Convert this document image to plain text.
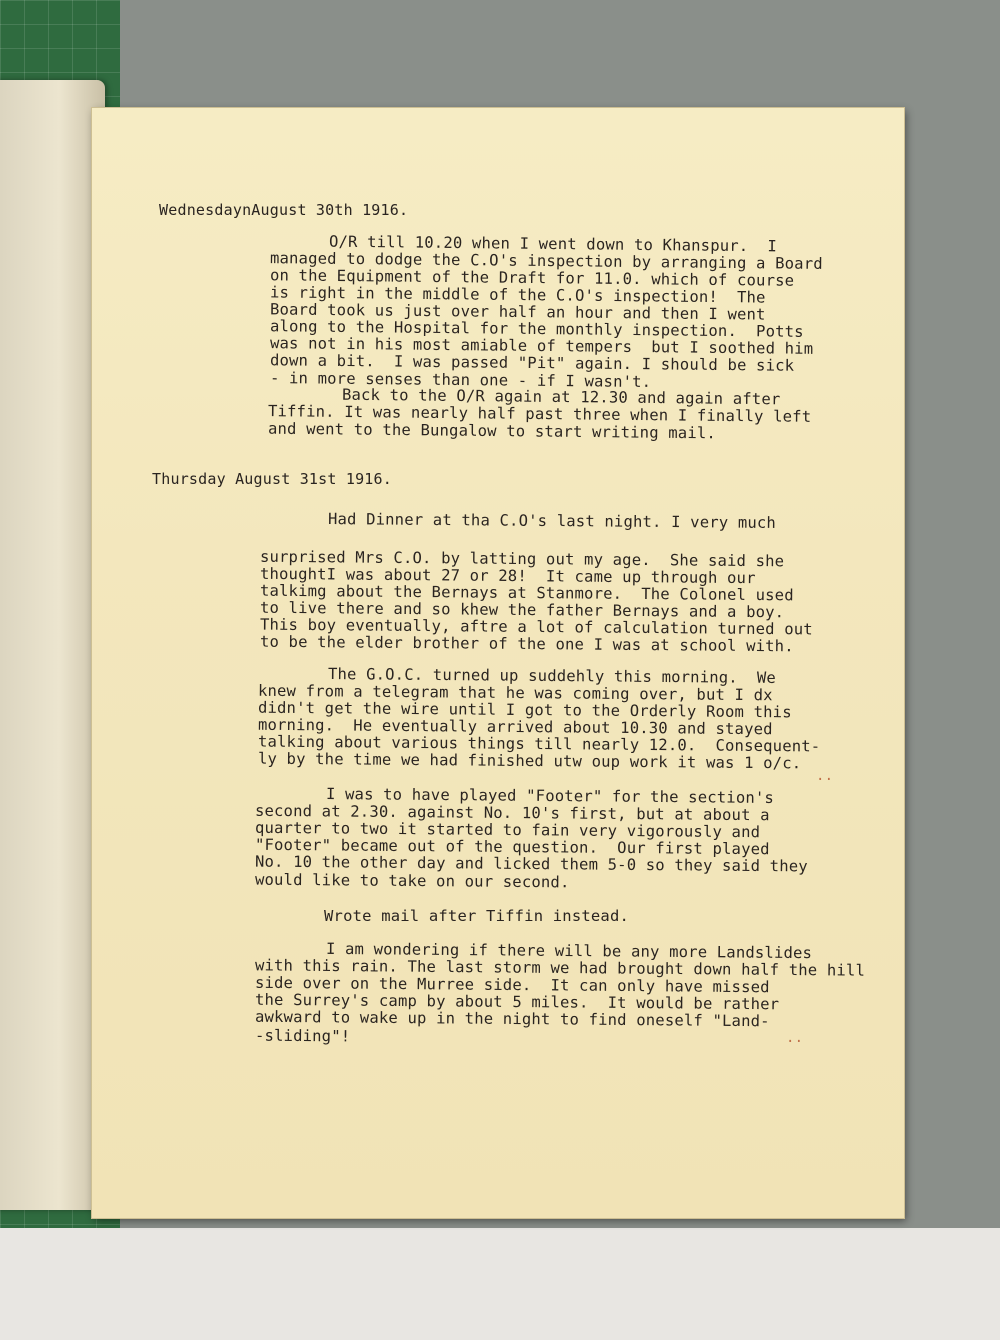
WednesdaynAugust 30th 1916.
O/R till 10.20 when I went down to Khanspur.  I
managed to dodge the C.O's inspection by arranging a Board
on the Equipment of the Draft for 11.0. which of course
is right in the middle of the C.O's inspection!  The
Board took us just over half an hour and then I went
along to the Hospital for the monthly inspection.  Potts
was not in his most amiable of tempers  but I soothed him
down a bit.  I was passed "Pit" again. I should be sick
- in more senses than one - if I wasn't.
Back to the O/R again at 12.30 and again after
Tiffin. It was nearly half past three when I finally left
and went to the Bungalow to start writing mail.
Thursday August 31st 1916.
Had Dinner at tha C.O's last night. I very much
surprised Mrs C.O. by latting out my age.  She said she
thoughtI was about 27 or 28!  It came up through our
talkimg about the Bernays at Stanmore.  The Colonel used
to live there and so khew the father Bernays and a boy.
This boy eventually, aftre a lot of calculation turned out
to be the elder brother of the one I was at school with.
The G.O.C. turned up suddehly this morning.  We
knew from a telegram that he was coming over, but I dx
didn't get the wire until I got to the Orderly Room this
morning.  He eventually arrived about 10.30 and stayed
talking about various things till nearly 12.0.  Consequent-
ly by the time we had finished utw oup work it was 1 o/c.
I was to have played "Footer" for the section's
second at 2.30. against No. 10's first, but at about a
quarter to two it started to fain very vigorously and
"Footer" became out of the question.  Our first played
No. 10 the other day and licked them 5-0 so they said they
would like to take on our second.
Wrote mail after Tiffin instead.
I am wondering if there will be any more Landslides
with this rain. The last storm we had brought down half the hill
side over on the Murree side.  It can only have missed
the Surrey's camp by about 5 miles.  It would be rather
awkward to wake up in the night to find oneself "Land-
-sliding"!
..
..
